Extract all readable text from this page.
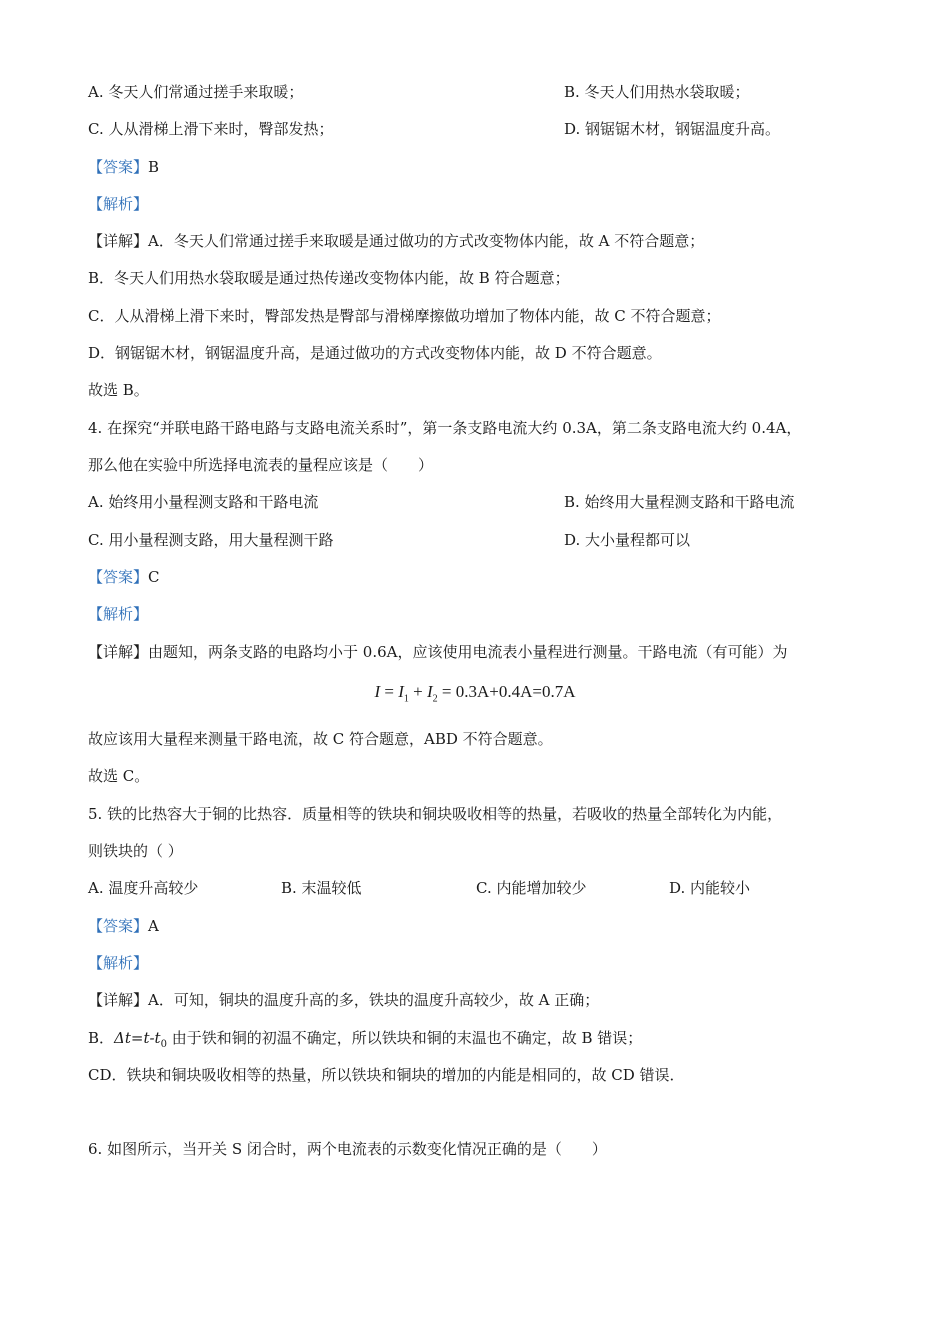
A. 冬天人们常通过搓手来取暖；	B. 冬天人们用热水袋取暖；
C. 人从滑梯上滑下来时，臀部发热；	D. 钢锯锯木材，钢锯温度升高。
【答案】B
【解析】
【详解】A．冬天人们常通过搓手来取暖是通过做功的方式改变物体内能，故 A 不符合题意；
B．冬天人们用热水袋取暖是通过热传递改变物体内能，故 B 符合题意；
C．人从滑梯上滑下来时，臀部发热是臀部与滑梯摩擦做功增加了物体内能，故 C 不符合题意；
D．钢锯锯木材，钢锯温度升高，是通过做功的方式改变物体内能，故 D 不符合题意。
故选 B。
4. 在探究“并联电路干路电路与支路电流关系时”，第一条支路电流大约 0.3A，第二条支路电流大约 0.4A，
那么他在实验中所选择电流表的量程应该是（　　）
A. 始终用小量程测支路和干路电流	B. 始终用大量程测支路和干路电流
C. 用小量程测支路，用大量程测干路	D. 大小量程都可以
【答案】C
【解析】
【详解】由题知，两条支路的电路均小于 0.6A，应该使用电流表小量程进行测量。干路电流（有可能）为
$I = I_1 + I_2 = 0.3A+0.4A=0.7A$
故应该用大量程来测量干路电流，故 C 符合题意，ABD 不符合题意。
故选 C。
5. 铁的比热容大于铜的比热容．质量相等的铁块和铜块吸收相等的热量，若吸收的热量全部转化为内能，
则铁块的（ ）
A. 温度升高较少	B. 末温较低	C. 内能增加较少	D. 内能较小
【答案】A
【解析】
【详解】A．可知，铜块的温度升高的多，铁块的温度升高较少，故 A 正确；
B．$\Delta t=t-t_0$ 由于铁和铜的初温不确定，所以铁块和铜的末温也不确定，故 B 错误；
CD．铁块和铜块吸收相等的热量，所以铁块和铜块的增加的内能是相同的，故 CD 错误．
6. 如图所示，当开关 S 闭合时，两个电流表的示数变化情况正确的是（　　）
